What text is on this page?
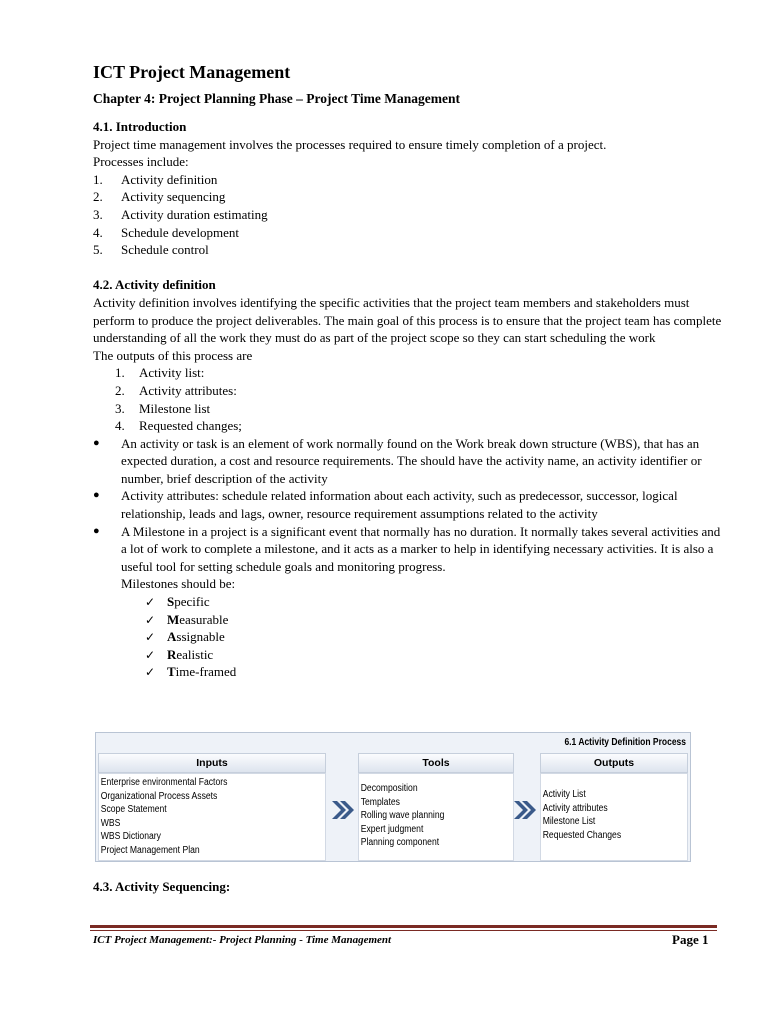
ICT Project Management
Chapter 4: Project Planning Phase – Project Time Management
4.1. Introduction
Project time management involves the processes required to ensure timely completion of a project.
Processes include:
1.	Activity definition
2.	Activity sequencing
3.	Activity duration estimating
4.	Schedule development
5.	Schedule control
4.2. Activity definition
Activity definition involves identifying the specific activities that the project team members and stakeholders must perform to produce the project deliverables. The main goal of this process is to ensure that the project team has complete understanding of all the work they must do as part of the project scope so they can start scheduling the work
The outputs of this process are
1.	Activity list:
2.	Activity attributes:
3.	Milestone list
4.	Requested changes;
● An activity or task is an element of work normally found on the Work break down structure (WBS), that has an expected duration, a cost and resource requirements. The should have the activity name, an activity identifier or number, brief description of the activity
● Activity attributes: schedule related information about each activity, such as predecessor, successor, logical relationship, leads and lags, owner, resource requirement assumptions related to the activity
● A Milestone in a project is a significant event that normally has no duration. It normally takes several activities and a lot of work to complete a milestone, and it acts as a marker to help in identifying necessary activities. It is also a useful tool for setting schedule goals and monitoring progress.
Milestones should be:
✓ Specific
✓ Measurable
✓ Assignable
✓ Realistic
✓ Time-framed
6.1 Activity Definition Process
Inputs	Tools	Outputs
Enterprise environmental Factors
Organizational Process Assets
Scope Statement
WBS
WBS Dictionary
Project Management Plan
Decomposition
Templates
Rolling wave planning
Expert judgment
Planning component
Activity List
Activity attributes
Milestone List
Requested Changes
4.3. Activity Sequencing:
ICT Project Management:- Project Planning - Time Management	Page 1
